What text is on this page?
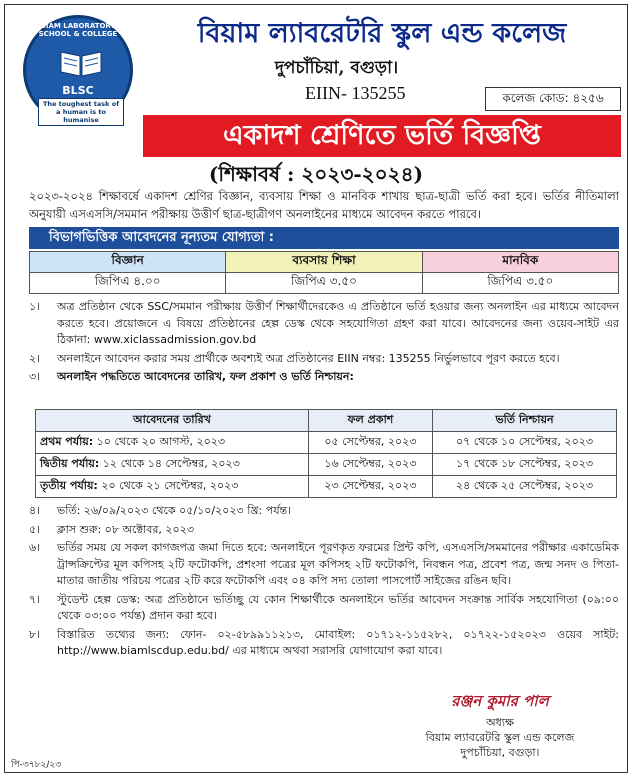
BIAM LABORATORY SCHOOL & COLLEGE
BLSC
The toughest task of a human is to humanise
বিয়াম ল্যাবরেটরি স্কুল এন্ড কলেজ
দুপচাঁচিয়া, বগুড়া।
EIIN- 135255	কলেজ কোড: ৪২৫৬
একাদশ শ্রেণিতে ভর্তি বিজ্ঞপ্তি
(শিক্ষাবর্ষ : ২০২৩-২০২৪)
২০২৩-২০২৪ শিক্ষাবর্ষে একাদশ শ্রেণির বিজ্ঞান, ব্যবসায় শিক্ষা ও মানবিক শাখায় ছাত্র-ছাত্রী ভর্তি করা হবে। ভর্তির নীতিমালা অনুযায়ী এসএসসি/সমমান পরীক্ষায় উত্তীর্ণ ছাত্র-ছাত্রীগণ অনলাইনের মাধ্যমে আবেদন করতে পারবে।
বিভাগভিত্তিক আবেদনের নূন্যতম যোগ্যতা :
বিজ্ঞান	ব্যবসায় শিক্ষা	মানবিক
জিপিএ ৪.০০	জিপিএ ৩.৫০	জিপিএ ৩.৫০
১।	অত্র প্রতিষ্ঠান থেকে SSC/সমমান পরীক্ষায় উত্তীর্ণ শিক্ষার্থীদেরকেও এ প্রতিষ্ঠানে ভর্তি হওয়ার জন্য অনলাইন এর মাধ্যমে আবেদন করতে হবে। প্রয়োজনে এ বিষয়ে প্রতিষ্ঠানের হেল্প ডেস্ক থেকে সহযোগিতা গ্রহণ করা যাবে। আবেদনের জন্য ওয়েব-সাইট এর ঠিকানা: www.xiclassadmission.gov.bd
২।	অনলাইনে আবেদন করার সময় প্রার্থীকে অবশ্যই অত্র প্রতিষ্ঠানের EIIN নম্বর: 135255 নির্ভুলভাবে পূরণ করতে হবে।
৩।	অনলাইন পদ্ধতিতে আবেদনের তারিখ, ফল প্রকাশ ও ভর্তি নিশ্চায়ন:
আবেদনের তারিখ	ফল প্রকাশ	ভর্তি নিশ্চায়ন
প্রথম পর্যায়: ১০ থেকে ২০ আগস্ট, ২০২৩	০৫ সেপ্টেম্বর, ২০২৩	০৭ থেকে ১০ সেপ্টেম্বর, ২০২৩
দ্বিতীয় পর্যায়: ১২ থেকে ১৪ সেপ্টেম্বর, ২০২৩	১৬ সেপ্টেম্বর, ২০২৩	১৭ থেকে ১৮ সেপ্টেম্বর, ২০২৩
তৃতীয় পর্যায়: ২০ থেকে ২১ সেপ্টেম্বর, ২০২৩	২৩ সেপ্টেম্বর, ২০২৩	২৪ থেকে ২৫ সেপ্টেম্বর, ২০২৩
৪।	ভর্তি: ২৬/০৯/২০২৩ থেকে ০৫/১০/২০২৩ খ্রি: পর্যন্ত।
৫।	ক্লাস শুরু: ০৮ অক্টোবর, ২০২৩
৬।	ভর্তির সময় যে সকল কাগজপত্র জমা দিতে হবে: অনলাইনে পূরণকৃত ফরমের প্রিন্ট কপি, এসএসসি/সমমানের পরীক্ষার একাডেমিক ট্রান্সক্রিপ্টের মূল কপিসহ ২টি ফটোকপি, প্রশংসা পত্রের মূল কপিসহ ২টি ফটোকপি, নিবন্ধন পত্র, প্রবেশ পত্র, জন্ম সনদ ও পিতা-মাতার জাতীয় পরিচয় পত্রের ২টি করে ফটোকপি এবং ০৪ কপি সদ্য তোলা পাসপোর্ট সাইজের রঙিন ছবি।
৭।	স্টুডেন্ট হেল্প ডেস্ক: অত্র প্রতিষ্ঠানে ভর্তিচ্ছু যে কোন শিক্ষার্থীকে অনলাইনে ভর্তির আবেদন সংক্রান্ত সার্বিক সহযোগিতা (০৯:০০ থেকে ০৩:০০ পর্যন্ত) প্রদান করা হবে।
৮।	বিস্তারিত তথ্যের জন্য: ফোন- ০২-৫৮৯৯১১২১৩, মোবাইল: ০১৭১২-১১৫২৮২, ০১৭২২-১৫২০২৩ ওয়েব সাইট: http://www.biamlscdup.edu.bd/ এর মাধ্যমে অথবা সরাসরি যোগাযোগ করা যাবে।
রঞ্জন কুমার পাল
অধ্যক্ষ
বিয়াম ল্যাবরেটরি স্কুল এন্ড কলেজ
দুপচাঁচিয়া, বগুড়া।
পি-৩৭৮২/২৩
